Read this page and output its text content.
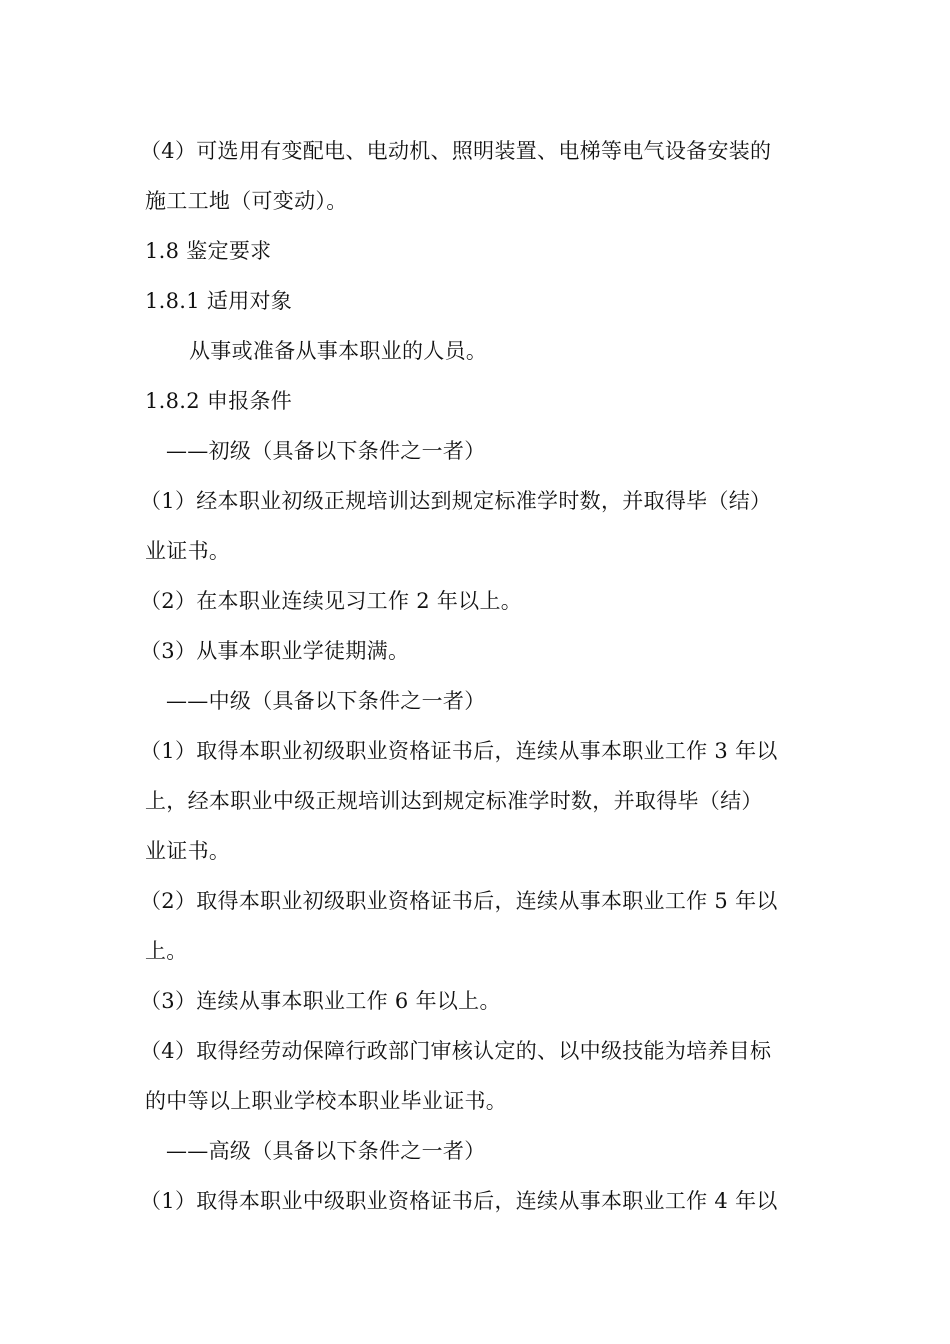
（4）可选用有变配电、电动机、照明装置、电梯等电气设备安装的
施工工地（可变动）。
1.8 鉴定要求
1.8.1 适用对象
从事或准备从事本职业的人员。
1.8.2 申报条件
——初级（具备以下条件之一者）
（1）经本职业初级正规培训达到规定标准学时数，并取得毕（结）
业证书。
（2）在本职业连续见习工作 2 年以上。
（3）从事本职业学徒期满。
——中级（具备以下条件之一者）
（1）取得本职业初级职业资格证书后，连续从事本职业工作 3 年以
上，经本职业中级正规培训达到规定标准学时数，并取得毕（结）
业证书。
（2）取得本职业初级职业资格证书后，连续从事本职业工作 5 年以
上。
（3）连续从事本职业工作 6 年以上。
（4）取得经劳动保障行政部门审核认定的、以中级技能为培养目标
的中等以上职业学校本职业毕业证书。
——高级（具备以下条件之一者）
（1）取得本职业中级职业资格证书后，连续从事本职业工作 4 年以
